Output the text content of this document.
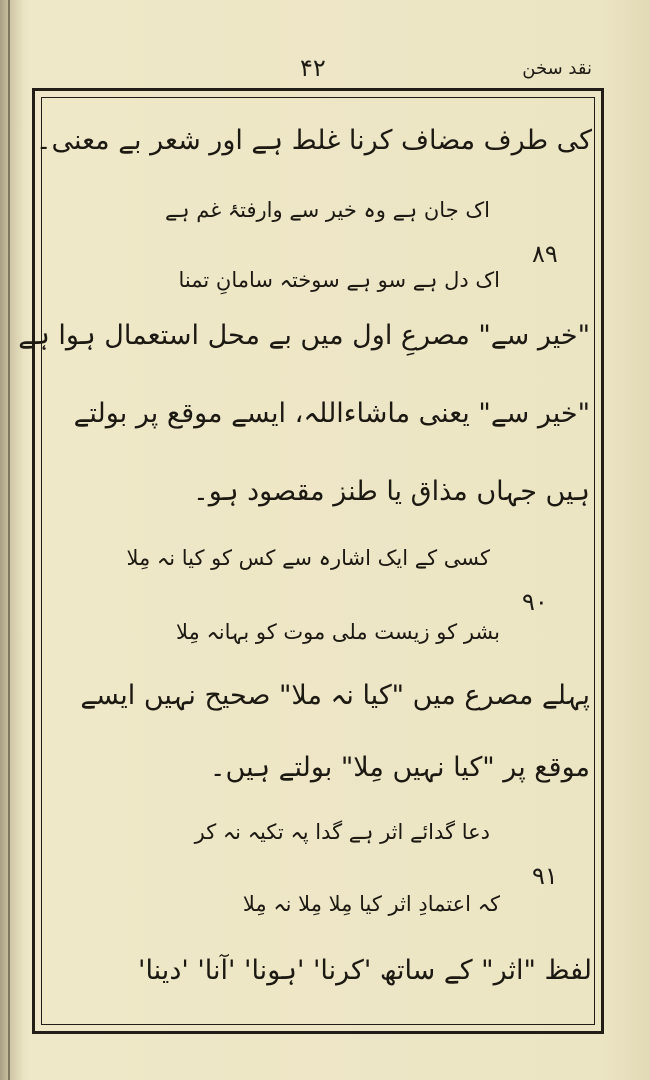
نقد سخن
۴۲
کی طرف مضاف کرنا غلط ہے اور شعر بے معنی۔
اک جان ہے وہ خیر سے وارفتۂ غم ہے
۸۹
اک دل ہے سو ہے سوختہ سامانِ تمنا
"خیر سے" مصرعِ اول میں بے محل استعمال ہوا ہے
"خیر سے" یعنی ماشاءاللہ، ایسے موقع پر بولتے
ہیں جہاں مذاق یا طنز مقصود ہو۔
کسی کے ایک اشارہ سے کس کو کیا نہ مِلا
۹۰
بشر کو زیست ملی موت کو بہانہ مِلا
پہلے مصرع میں "کیا نہ ملا" صحیح نہیں ایسے
موقع پر "کیا نہیں مِلا" بولتے ہیں۔
دعا گدائے اثر ہے گدا پہ تکیہ نہ کر
۹۱
کہ اعتمادِ اثر کیا مِلا مِلا نہ مِلا
لفظ "اثر" کے ساتھ 'کرنا' 'ہونا' 'آنا' 'دینا'
